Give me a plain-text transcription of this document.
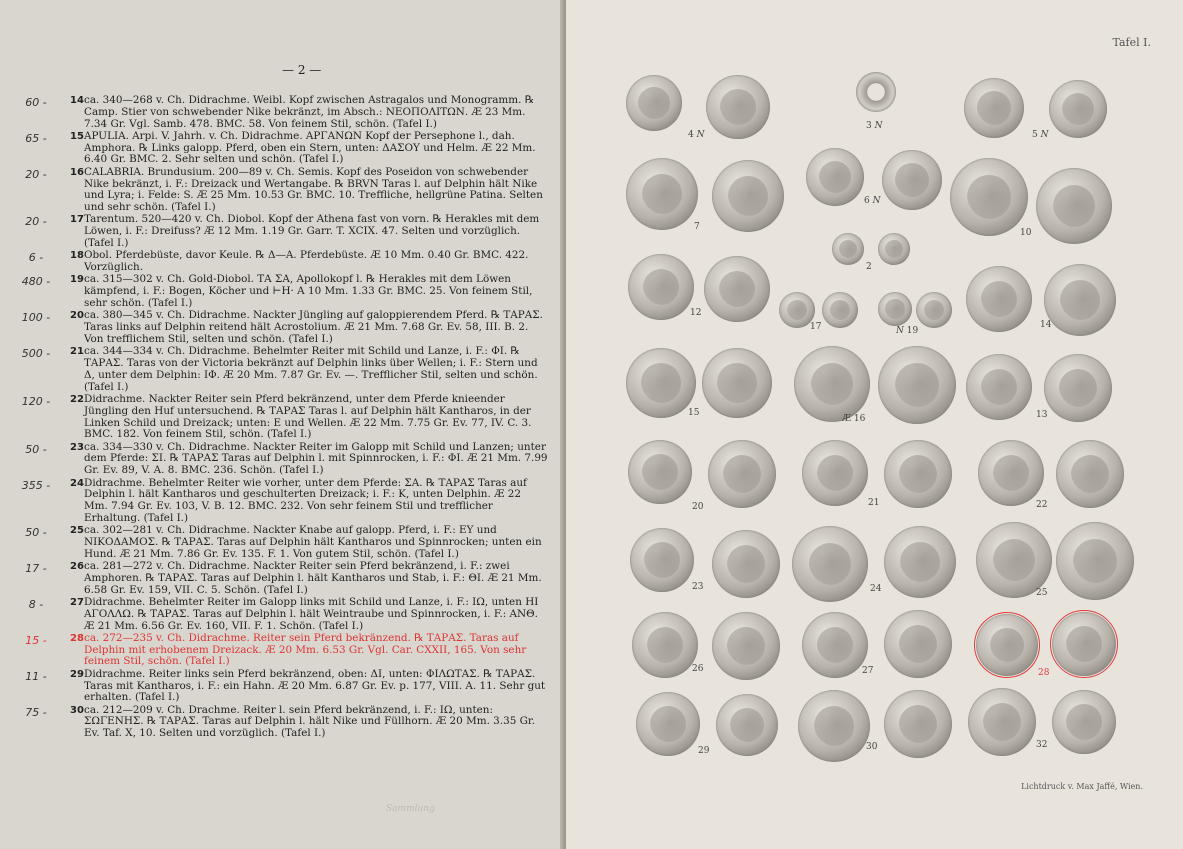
— 2 —
60 -	14 ca. 340—268 v. Ch. Didrachme. Weibl. Kopf zwischen Astragalos und Monogramm. ℞ Camp. Stier von schwebender Nike bekränzt, im Absch.: ΝΕΟΠΟΛΙΤΩΝ. Æ 23 Mm. 7.34 Gr. Vgl. Samb. 478. BMC. 58. Von feinem Stil, schön. (Tafel I.)
65 -	15 APULIA. Arpi. V. Jahrh. v. Ch. Didrachme. ΑΡΓΑΝΩΝ Kopf der Persephone l., dah. Amphora. ℞ Links galopp. Pferd, oben ein Stern, unten: ΔΑΣΟΥ und Helm. Æ 22 Mm. 6.40 Gr. BMC. 2. Sehr selten und schön. (Tafel I.)
20 -	16 CALABRIA. Brundusium. 200—89 v. Ch. Semis. Kopf des Poseidon von schwebender Nike bekränzt, i. F.: Dreizack und Wertangabe. ℞ BRVN Taras l. auf Delphin hält Nike und Lyra; i. Felde: S. Æ 25 Mm. 10.53 Gr. BMC. 10. Treffliche, hellgrüne Patina. Selten und sehr schön. (Tafel I.)
20 -	17 Tarentum. 520—420 v. Ch. Diobol. Kopf der Athena fast von vorn. ℞ Herakles mit dem Löwen, i. F.: Dreifuss? Æ 12 Mm. 1.19 Gr. Garr. T. XCIX. 47. Selten und vorzüglich. (Tafel I.)
6 -	18 Obol. Pferdebüste, davor Keule. ℞ Δ—Α. Pferdebüste. Æ 10 Mm. 0.40 Gr. BMC. 422. Vorzüglich.
480 -	19 ca. 315—302 v. Ch. Gold-Diobol. ΤΑ ΣΑ, Apollokopf l. ℞ Herakles mit dem Löwen kämpfend, i. F.: Bogen, Köcher und ⊢Η· A 10 Mm. 1.33 Gr. BMC. 25. Von feinem Stil, sehr schön. (Tafel I.)
100 -	20 ca. 380—345 v. Ch. Didrachme. Nackter Jüngling auf galoppierendem Pferd. ℞ ΤΑΡΑΣ. Taras links auf Delphin reitend hält Acrostolium. Æ 21 Mm. 7.68 Gr. Ev. 58, III. B. 2. Von trefflichem Stil, selten und schön. (Tafel I.)
500 -	21 ca. 344—334 v. Ch. Didrachme. Behelmter Reiter mit Schild und Lanze, i. F.: ΦΙ. ℞ ΤΑΡΑΣ. Taras von der Victoria bekränzt auf Delphin links über Wellen; i. F.: Stern und Δ, unter dem Delphin: ΙΦ. Æ 20 Mm. 7.87 Gr. Ev. —. Trefflicher Stil, selten und schön. (Tafel I.)
120 -	22 Didrachme. Nackter Reiter sein Pferd bekränzend, unter dem Pferde knieender Jüngling den Huf untersuchend. ℞ ΤΑΡΑΣ Taras l. auf Delphin hält Kantharos, in der Linken Schild und Dreizack; unten: Ε und Wellen. Æ 22 Mm. 7.75 Gr. Ev. 77, IV. C. 3. BMC. 182. Von feinem Stil, schön. (Tafel I.)
50 -	23 ca. 334—330 v. Ch. Didrachme. Nackter Reiter im Galopp mit Schild und Lanzen; unter dem Pferde: ΣΙ. ℞ ΤΑΡΑΣ Taras auf Delphin l. mit Spinnrocken, i. F.: ΦΙ. Æ 21 Mm. 7.99 Gr. Ev. 89, V. A. 8. BMC. 236. Schön. (Tafel I.)
355 -	24 Didrachme. Behelmter Reiter wie vorher, unter dem Pferde: ΣΑ. ℞ ΤΑΡΑΣ Taras auf Delphin l. hält Kantharos und geschulterten Dreizack; i. F.: Κ, unten Delphin. Æ 22 Mm. 7.94 Gr. Ev. 103, V. B. 12. BMC. 232. Von sehr feinem Stil und trefflicher Erhaltung. (Tafel I.)
50 -	25 ca. 302—281 v. Ch. Didrachme. Nackter Knabe auf galopp. Pferd, i. F.: ΕΥ und ΝΙΚΟΔΑΜΟΣ. ℞ ΤΑΡΑΣ. Taras auf Delphin hält Kantharos und Spinnrocken; unten ein Hund. Æ 21 Mm. 7.86 Gr. Ev. 135. F. 1. Von gutem Stil, schön. (Tafel I.)
17 -	26 ca. 281—272 v. Ch. Didrachme. Nackter Reiter sein Pferd bekränzend, i. F.: zwei Amphoren. ℞ ΤΑΡΑΣ. Taras auf Delphin l. hält Kantharos und Stab, i. F.: ΘΙ. Æ 21 Mm. 6.58 Gr. Ev. 159, VII. C. 5. Schön. (Tafel I.)
8 -	27 Didrachme. Behelmter Reiter im Galopp links mit Schild und Lanze, i. F.: ΙΩ, unten ΗΙ ΑΓΟΛΛΩ. ℞ ΤΑΡΑΣ. Taras auf Delphin l. hält Weintraube und Spinnrocken, i. F.: ΑΝΘ. Æ 21 Mm. 6.56 Gr. Ev. 160, VII. F. 1. Schön. (Tafel I.)
15 -	28 ca. 272—235 v. Ch. Didrachme. Reiter sein Pferd bekränzend. ℞ ΤΑΡΑΣ. Taras auf Delphin mit erhobenem Dreizack. Æ 20 Mm. 6.53 Gr. Vgl. Car. CXXII, 165. Von sehr feinem Stil, schön. (Tafel I.)
11 -	29 Didrachme. Reiter links sein Pferd bekränzend, oben: ΔΙ, unten: ΦΙΛΩΤΑΣ. ℞ ΤΑΡΑΣ. Taras mit Kantharos, i. F.: ein Hahn. Æ 20 Mm. 6.87 Gr. Ev. p. 177, VIII. A. 11. Sehr gut erhalten. (Tafel I.)
75 -	30 ca. 212—209 v. Ch. Drachme. Reiter l. sein Pferd bekränzend, i. F.: ΙΩ, unten: ΣΩΓΕΝΗΣ. ℞ ΤΑΡΑΣ. Taras auf Delphin l. hält Nike und Füllhorn. Æ 20 Mm. 3.35 Gr. Ev. Taf. X, 10. Selten und vorzüglich. (Tafel I.)
Sammlung
Tafel I.
Lichtdruck v. Max Jaffé, Wien.
4 𝑁
3 𝑁
5 𝑁
7
6 𝑁
10
2
12
17	𝑁 19
14
15
Æ 16	13
20	21	22
23	24	25
26	27	28
29	30	32
